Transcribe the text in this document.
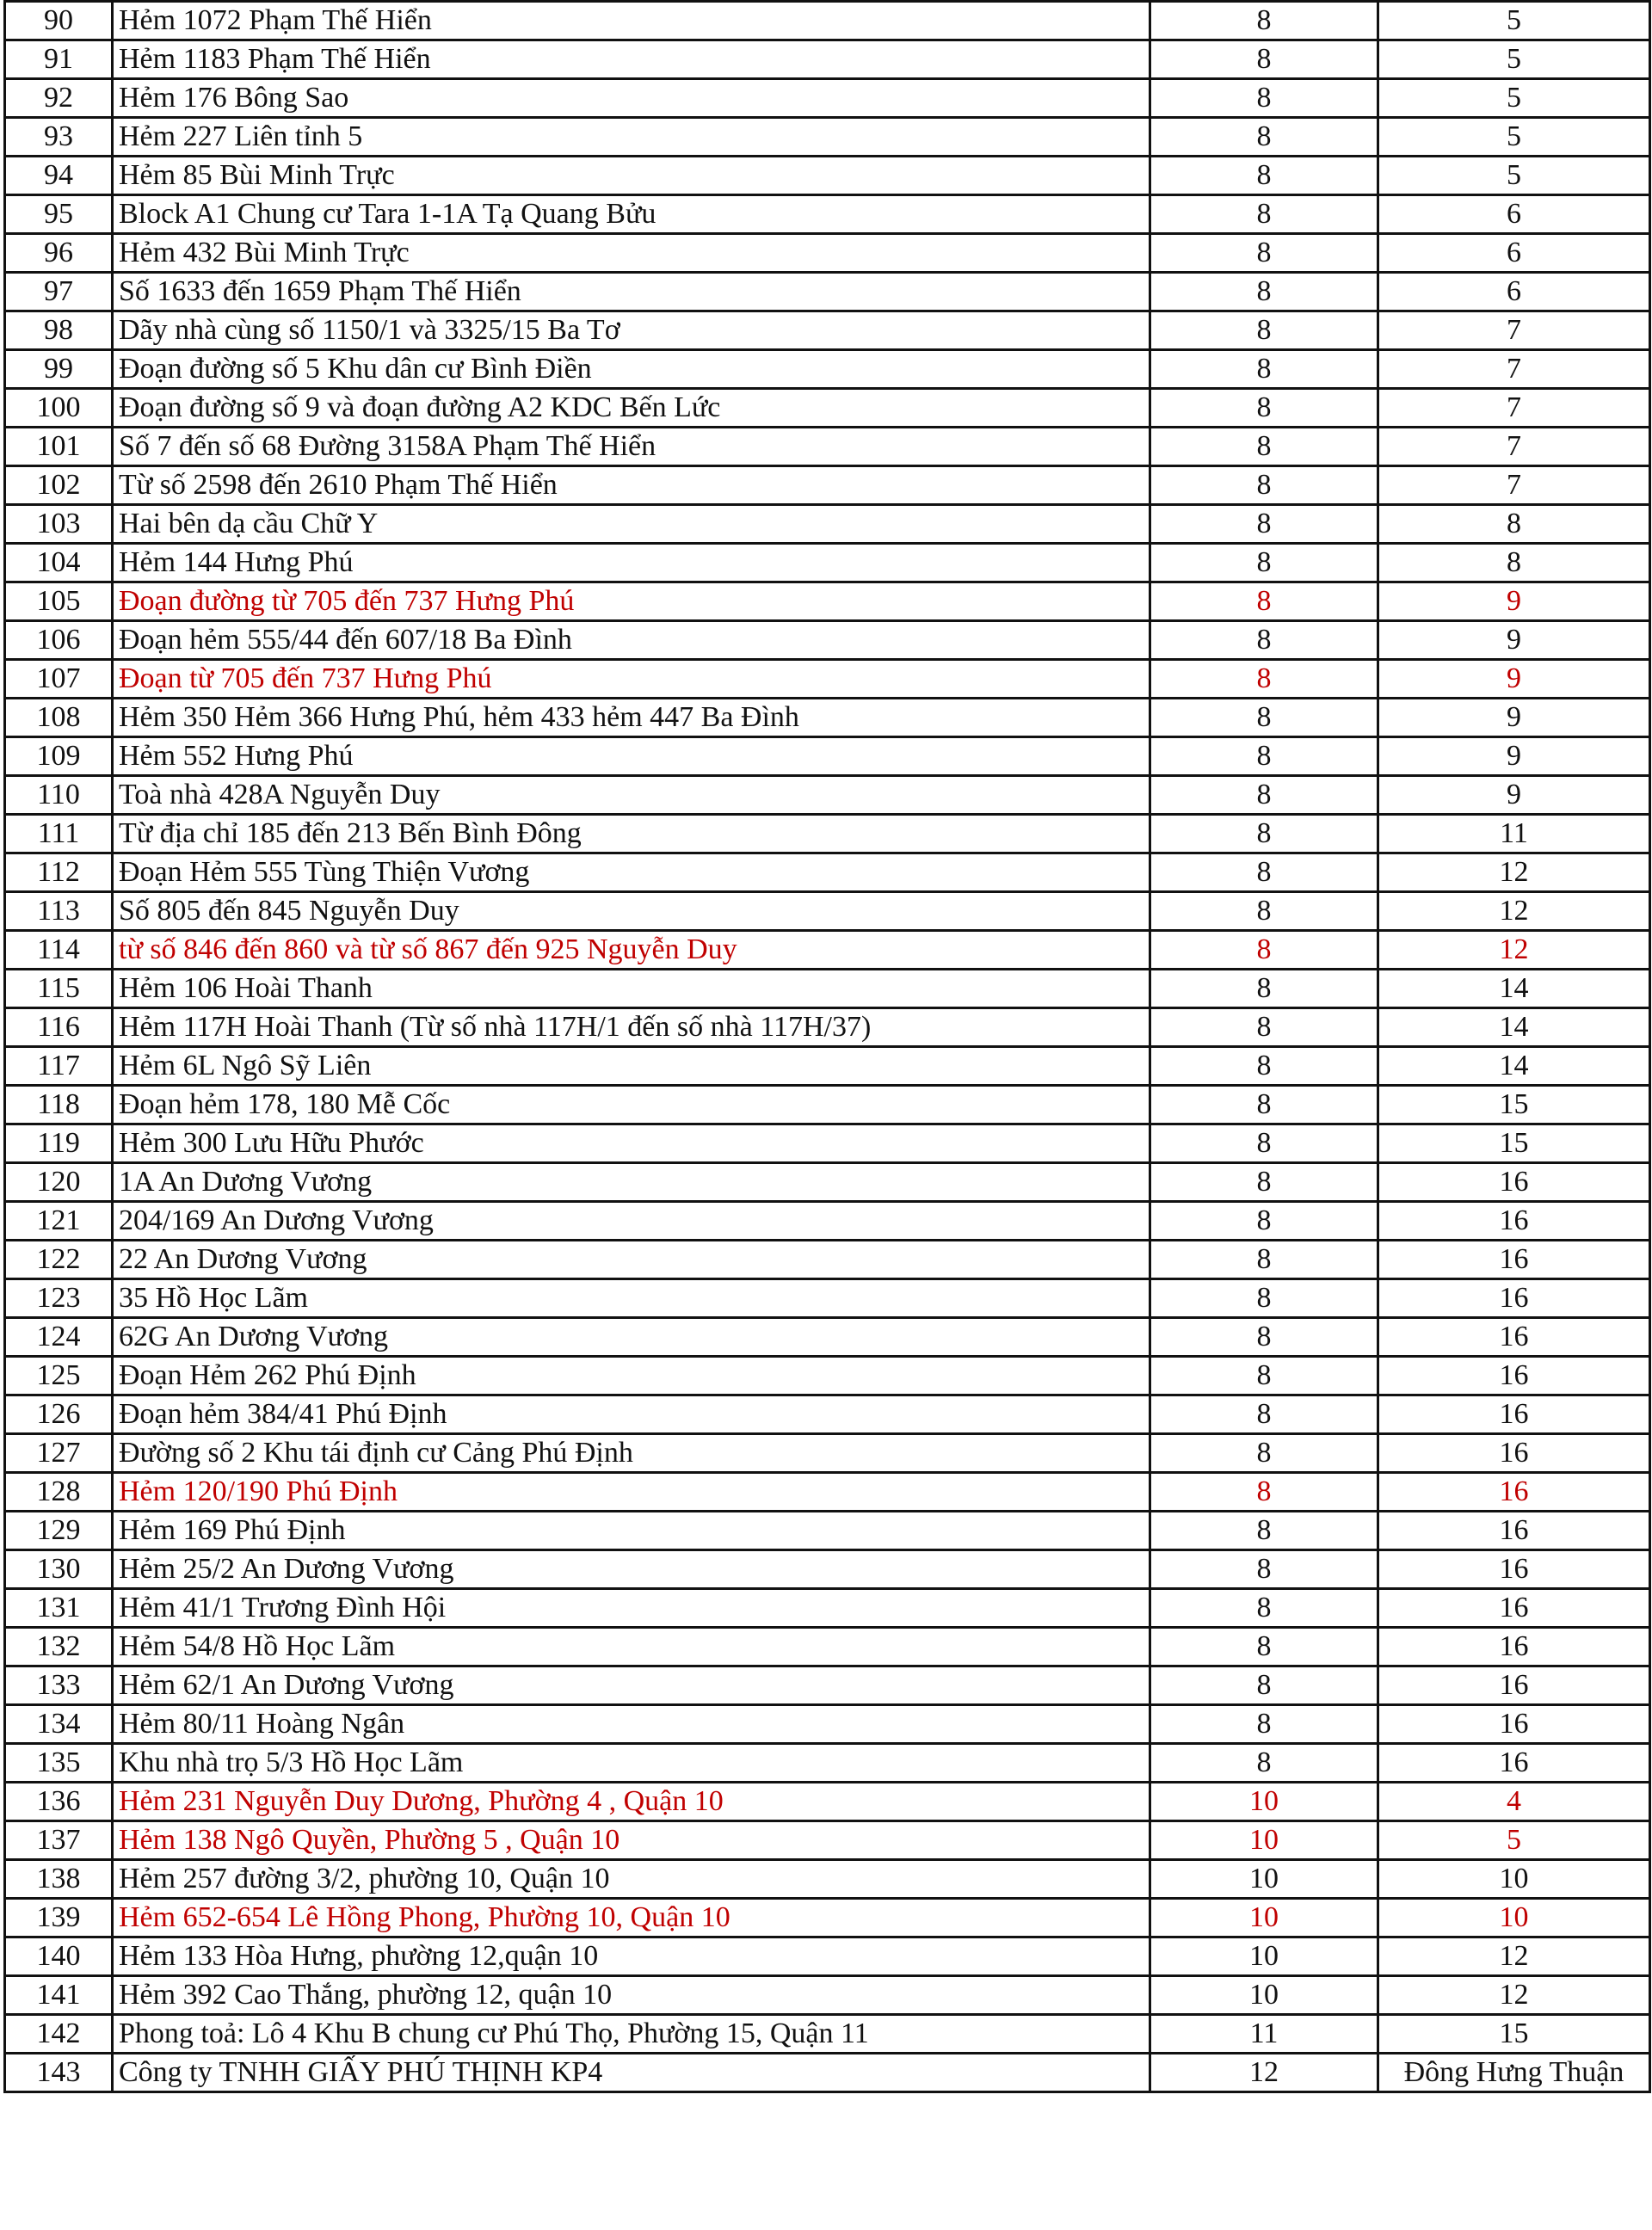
90	Hẻm 1072 Phạm Thế Hiển	8	5
91	Hẻm 1183 Phạm Thế Hiển	8	5
92	Hẻm 176 Bông Sao	8	5
93	Hẻm 227 Liên tỉnh 5	8	5
94	Hẻm 85 Bùi Minh Trực	8	5
95	Block A1 Chung cư Tara 1-1A Tạ Quang Bửu	8	6
96	Hẻm 432 Bùi Minh Trực	8	6
97	Số 1633 đến 1659 Phạm Thế Hiển	8	6
98	Dãy nhà cùng số 1150/1 và 3325/15 Ba Tơ	8	7
99	Đoạn đường số 5 Khu dân cư Bình Điền	8	7
100	Đoạn đường số 9 và đoạn đường A2 KDC Bến Lức	8	7
101	Số 7 đến số 68 Đường 3158A Phạm Thế Hiển	8	7
102	Từ số 2598 đến 2610 Phạm Thế Hiển	8	7
103	Hai bên dạ cầu Chữ Y	8	8
104	Hẻm 144 Hưng Phú	8	8
105	Đoạn đường từ 705 đến 737 Hưng Phú	8	9
106	Đoạn hẻm 555/44 đến 607/18 Ba Đình	8	9
107	Đoạn từ 705 đến 737 Hưng Phú	8	9
108	Hẻm 350 Hẻm 366 Hưng Phú, hẻm 433 hẻm 447 Ba Đình	8	9
109	Hẻm 552 Hưng Phú	8	9
110	Toà nhà 428A Nguyễn Duy	8	9
111	Từ địa chỉ 185 đến 213 Bến Bình Đông	8	11
112	Đoạn Hẻm 555 Tùng Thiện Vương	8	12
113	Số 805 đến 845 Nguyễn Duy	8	12
114	từ số 846 đến 860 và từ số 867 đến 925 Nguyễn Duy	8	12
115	Hẻm 106 Hoài Thanh	8	14
116	Hẻm 117H Hoài Thanh (Từ số nhà 117H/1 đến số nhà 117H/37)	8	14
117	Hẻm 6L Ngô Sỹ Liên	8	14
118	Đoạn hẻm 178, 180 Mễ Cốc	8	15
119	Hẻm 300 Lưu Hữu Phước	8	15
120	1A An Dương Vương	8	16
121	204/169 An Dương Vương	8	16
122	22 An Dương Vương	8	16
123	35 Hồ Học Lãm	8	16
124	62G An Dương Vương	8	16
125	Đoạn Hẻm 262 Phú Định	8	16
126	Đoạn hẻm 384/41 Phú Định	8	16
127	Đường số 2 Khu tái định cư Cảng Phú Định	8	16
128	Hẻm 120/190 Phú Định	8	16
129	Hẻm 169 Phú Định	8	16
130	Hẻm 25/2 An Dương Vương	8	16
131	Hẻm 41/1 Trương Đình Hội	8	16
132	Hẻm 54/8 Hồ Học Lãm	8	16
133	Hẻm 62/1 An Dương Vương	8	16
134	Hẻm 80/11 Hoàng Ngân	8	16
135	Khu nhà trọ 5/3 Hồ Học Lãm	8	16
136	Hẻm 231 Nguyễn Duy Dương, Phường 4 , Quận 10	10	4
137	Hẻm 138 Ngô Quyền, Phường 5 , Quận 10	10	5
138	Hẻm 257 đường 3/2, phường 10, Quận 10	10	10
139	Hẻm 652-654 Lê Hồng Phong, Phường 10, Quận 10	10	10
140	Hẻm 133 Hòa Hưng, phường 12,quận 10	10	12
141	Hẻm 392 Cao Thắng, phường 12, quận 10	10	12
142	Phong toả: Lô 4 Khu B chung cư Phú Thọ, Phường 15, Quận 11	11	15
143	Công ty TNHH GIẤY PHÚ THỊNH KP4	12	Đông Hưng Thuận
